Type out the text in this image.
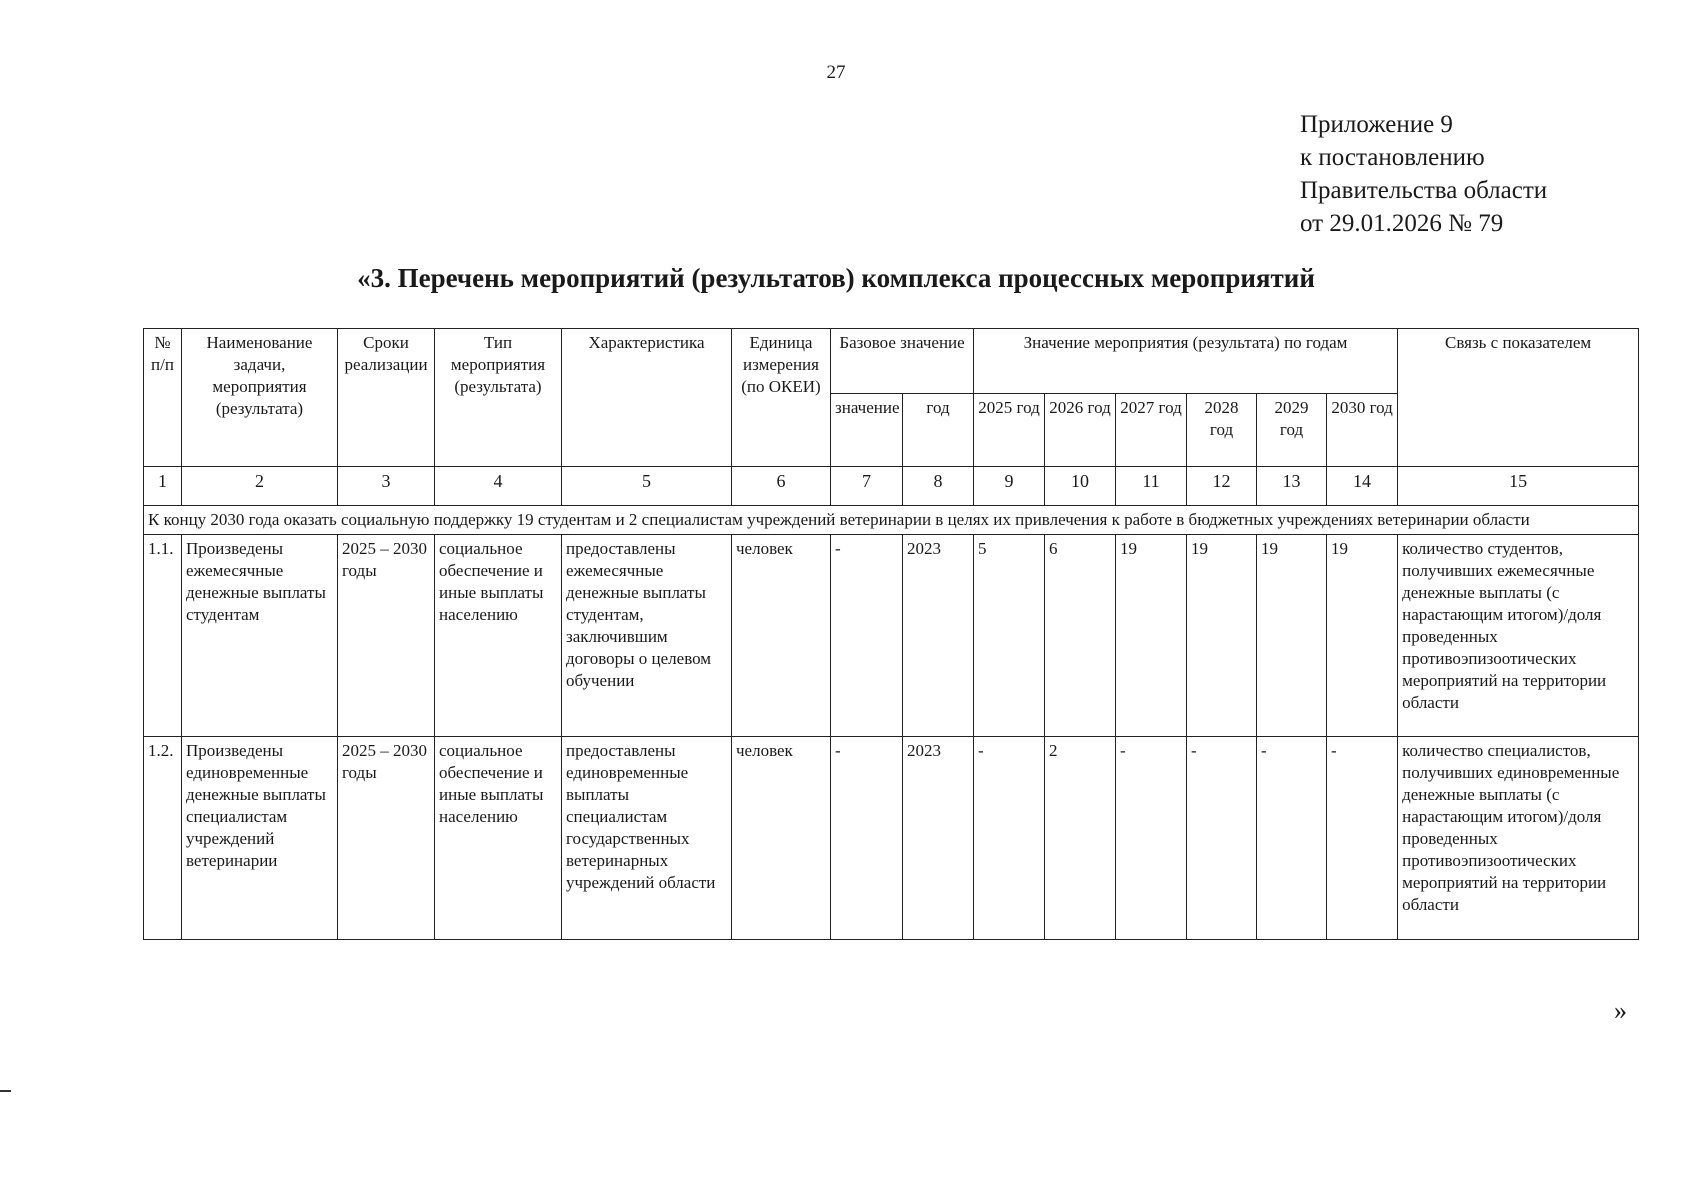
27
Приложение 9
к постановлению
Правительства области
от 29.01.2026 № 79
«3. Перечень мероприятий (результатов) комплекса процессных мероприятий
№ п/п	Наименование задачи, мероприятия (результата)	Сроки реализации	Тип мероприятия (результата)	Характеристика	Единица измерения (по ОКЕИ)	Базовое значение		Значение мероприятия (результата) по годам						Связь с показателем
						значение	год	2025 год	2026 год	2027 год	2028 год	2029 год	2030 год	
1	2	3	4	5	6	7	8	9	10	11	12	13	14	15
К концу 2030 года оказать социальную поддержку 19 студентам и 2 специалистам учреждений ветеринарии в целях их привлечения к работе в бюджетных учреждениях ветеринарии области														
1.1.	Произведены ежемесячные денежные выплаты студентам	2025 – 2030 годы	социальное обеспечение и иные выплаты населению	предоставлены ежемесячные денежные выплаты студентам, заключившим договоры о целевом обучении	человек	-	2023	5	6	19	19	19	19	количество студентов, получивших ежемесячные денежные выплаты (с нарастающим итогом)/доля проведенных противоэпизоотических мероприятий на территории области
1.2.	Произведены единовременные денежные выплаты специалистам учреждений ветеринарии	2025 – 2030 годы	социальное обеспечение и иные выплаты населению	предоставлены единовременные выплаты специалистам государственных ветеринарных учреждений области	человек	-	2023	-	2	-	-	-	-	количество специалистов, получивших единовременные денежные выплаты (с нарастающим итогом)/доля проведенных противоэпизоотических мероприятий на территории области
»
